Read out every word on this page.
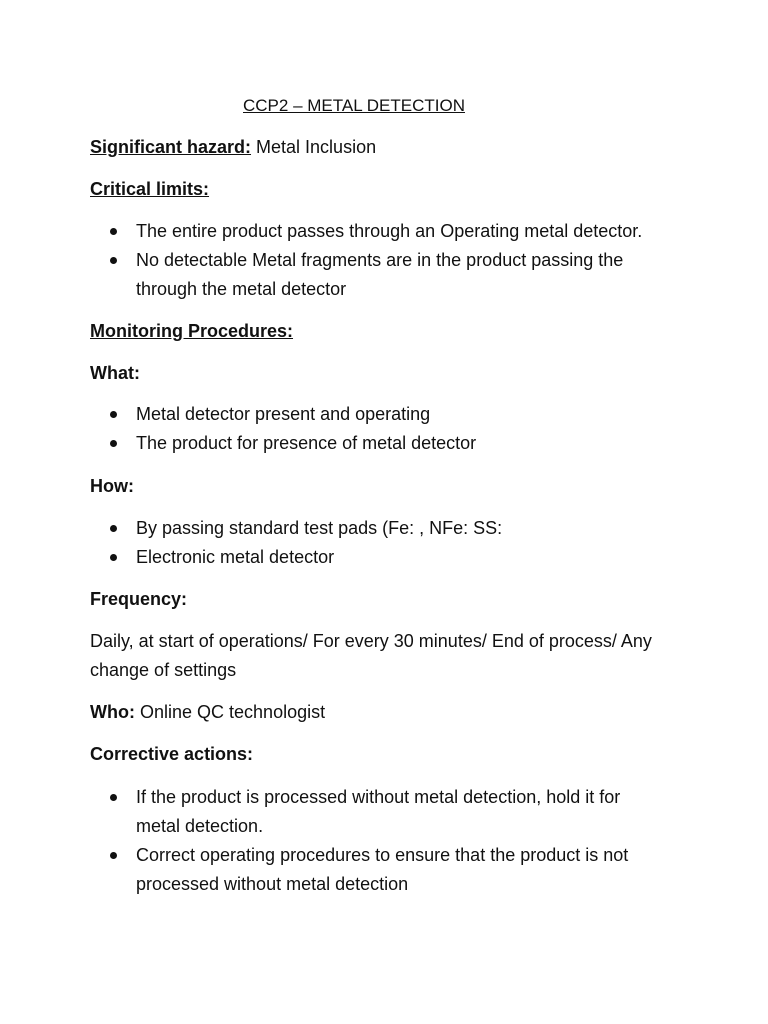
CCP2 – METAL DETECTION

Significant hazard: Metal Inclusion

Critical limits:

The entire product passes through an Operating metal detector.
No detectable Metal fragments are in the product passing the through the metal detector

Monitoring Procedures:

What:

Metal detector present and operating
The product for presence of metal detector

How:

By passing standard test pads (Fe: , NFe: SS:
Electronic metal detector

Frequency:

Daily, at start of operations/ For every 30 minutes/ End of process/ Any change of settings

Who: Online QC technologist

Corrective actions:

If the product is processed without metal detection, hold it for metal detection.
Correct operating procedures to ensure that the product is not processed without metal detection
